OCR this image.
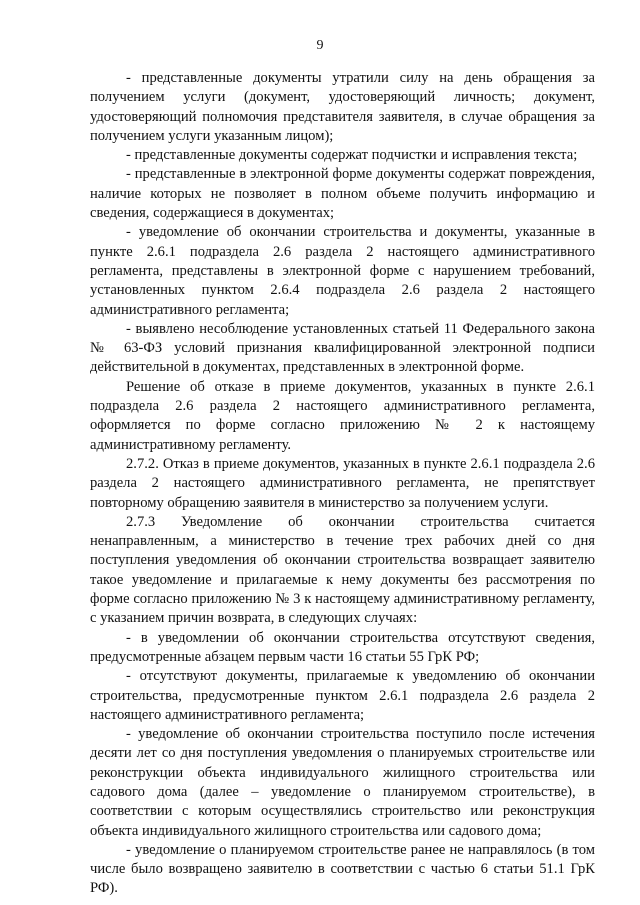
9

- представленные документы утратили силу на день обращения за получением услуги (документ, удостоверяющий личность; документ, удостоверяющий полномочия представителя заявителя, в случае обращения за получением услуги указанным лицом);

- представленные документы содержат подчистки и исправления текста;

- представленные в электронной форме документы содержат повреждения, наличие которых не позволяет в полном объеме получить информацию и сведения, содержащиеся в документах;

- уведомление об окончании строительства и документы, указанные в пункте 2.6.1 подраздела 2.6 раздела 2 настоящего административного регламента, представлены в электронной форме с нарушением требований, установленных пунктом 2.6.4 подраздела 2.6 раздела 2 настоящего административного регламента;

- выявлено несоблюдение установленных статьей 11 Федерального закона № 63-ФЗ условий признания квалифицированной электронной подписи действительной в документах, представленных в электронной форме.

Решение об отказе в приеме документов, указанных в пункте 2.6.1 подраздела 2.6 раздела 2 настоящего административного регламента, оформляется по форме согласно приложению № 2 к настоящему административному регламенту.

2.7.2. Отказ в приеме документов, указанных в пункте 2.6.1 подраздела 2.6 раздела 2 настоящего административного регламента, не препятствует повторному обращению заявителя в министерство за получением услуги.

2.7.3 Уведомление об окончании строительства считается ненаправленным, а министерство в течение трех рабочих дней со дня поступления уведомления об окончании строительства возвращает заявителю такое уведомление и прилагаемые к нему документы без рассмотрения по форме согласно приложению № 3 к настоящему административному регламенту, с указанием причин возврата, в следующих случаях:

- в уведомлении об окончании строительства отсутствуют сведения, предусмотренные абзацем первым части 16 статьи 55 ГрК РФ;

- отсутствуют документы, прилагаемые к уведомлению об окончании строительства, предусмотренные пунктом 2.6.1 подраздела 2.6 раздела 2 настоящего административного регламента;

- уведомление об окончании строительства поступило после истечения десяти лет со дня поступления уведомления о планируемых строительстве или реконструкции объекта индивидуального жилищного строительства или садового дома (далее – уведомление о планируемом строительстве), в соответствии с которым осуществлялись строительство или реконструкция объекта индивидуального жилищного строительства или садового дома;

- уведомление о планируемом строительстве ранее не направлялось (в том числе было возвращено заявителю в соответствии с частью 6 статьи 51.1 ГрК РФ).
